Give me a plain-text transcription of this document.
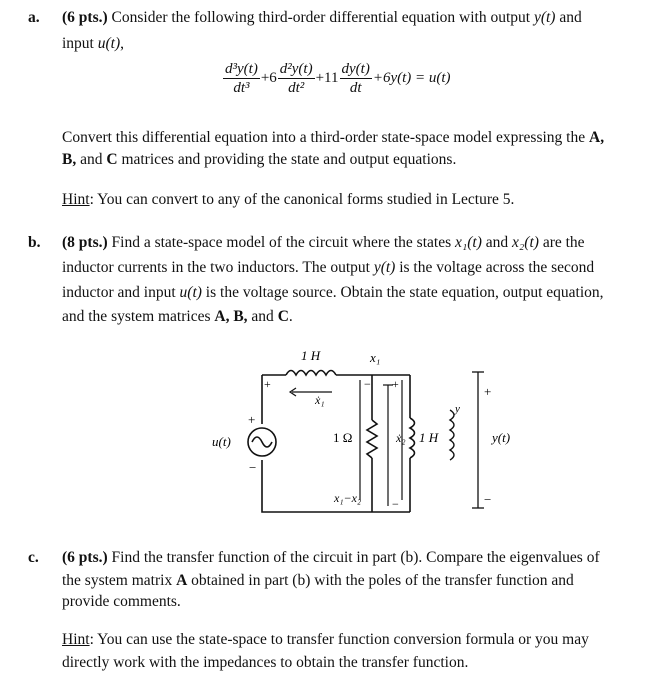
a. (6 pts.) Consider the following third-order differential equation with output y(t) and
input u(t),
$\frac{\text{d³y(t)}}{\text{dt³}} +6 \frac{\text{d²y(t)}}{\text{dt²}} +11 \frac{dy(t)}{dt} +6y(t) = u(t)$
Convert this differential equation into a third-order state-space model expressing the A,
B, and C matrices and providing the state and output equations.
Hint: You can convert to any of the canonical forms studied in Lecture 5.
b. (8 pts.) Find a state-space model of the circuit where the states x₁(t) and x₂(t) are the
inductor currents in the two inductors. The output y(t) is the voltage across the second
inductor and input u(t) is the voltage source. Obtain the state equation, output equation,
and the system matrices A, B, and C.
1 H	x₁
ẋ₁
+
+
−
u(t)	1 Ω
− +
−
ẋ₂ 1 H
y
+
−
y(t)
x₁−x₂
c. (6 pts.) Find the transfer function of the circuit in part (b). Compare the eigenvalues of
the system matrix A obtained in part (b) with the poles of the transfer function and
provide comments.
Hint: You can use the state-space to transfer function conversion formula or you may
directly work with the impedances to obtain the transfer function.
